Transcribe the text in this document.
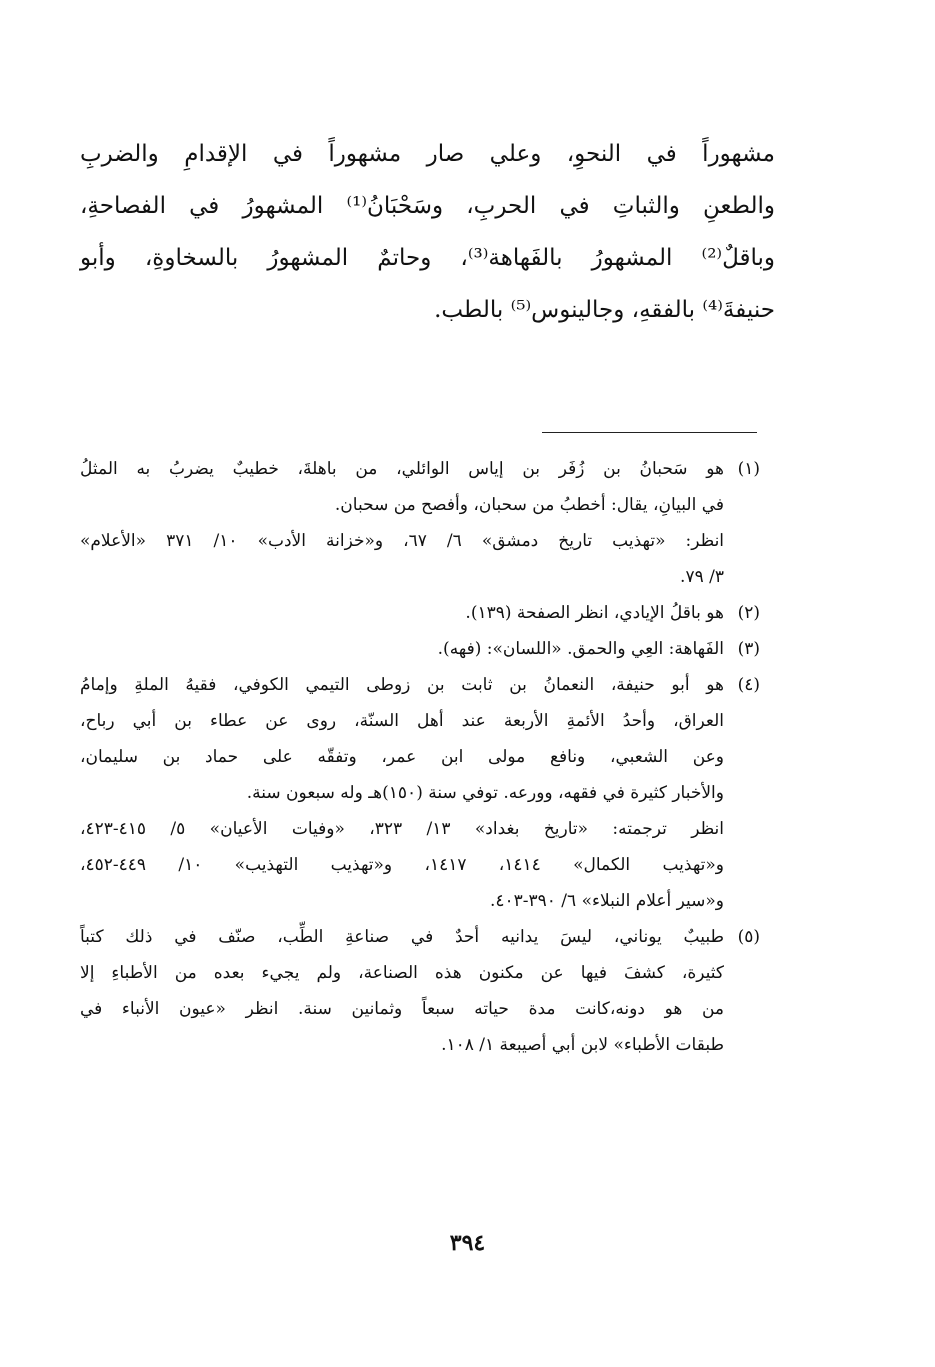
مشهوراً في النحوِ، وعلي صار مشهوراً في الإقدامِ والضربِ
والطعنِ والثباتِ في الحربِ، وسَحْبَانُ⁽¹⁾ المشهورُ في الفصاحةِ،
وباقلٌ⁽²⁾ المشهورُ بالفَهاهة⁽³⁾، وحاتمٌ المشهورُ بالسخاوةِ، وأبو
حنيفةَ⁽⁴⁾ بالفقهِ، وجالينوس⁽⁵⁾ بالطب.
(١)
هو سَحبانُ بن زُفَر بن إياس الوائلي، من باهلةَ، خطيبٌ يضربُ به المثلُ
في البيانِ، يقال: أخطبُ من سحبان، وأفصح من سحبان.
انظر: «تهذيب تاريخ دمشق» ٦/ ٦٧، و«خزانة الأدب» ١٠/ ٣٧١ «الأعلام»
٣/ ٧٩.
(٢)
هو باقلُ الإيادي، انظر الصفحة (١٣٩).
(٣)
الفَهاهة: العِي والحمق. «اللسان»: (فهه).
(٤)
هو أبو حنيفة، النعمانُ بن ثابت بن زوطى التيمي الكوفي، فقيهُ الملةِ وإمامُ
العراق، وأحدُ الأئمةِ الأربعة عند أهل السنّة، روى عن عطاء بن أبي رباح،
وعن الشعبي، ونافع مولى ابن عمر، وتفقّه على حماد بن سليمان،
والأخبار كثيرة في فقهه، وورعه. توفي سنة (١٥٠)هـ وله سبعون سنة.
انظر ترجمته: «تاريخ بغداد» ١٣/ ٣٢٣، «وفيات الأعيان» ٥/ ٤١٥-٤٢٣،
و«تهذيب الكمال» ١٤١٤، ١٤١٧، و«تهذيب التهذيب» ١٠/ ٤٤٩-٤٥٢،
و«سير أعلام النبلاء» ٦/ ٣٩٠-٤٠٣.
(٥)
طبيبٌ يوناني، ليسَ يدانيه أحدٌ في صناعةِ الطِّب، صنّف في ذلك كتباً
كثيرة، كشفَ فيها عن مكنون هذه الصناعة، ولم يجيء بعده من الأطباءِ إلا
من هو دونه،كانت مدة حياته سبعاً وثمانين سنة. انظر «عيون الأنباء في
طبقات الأطباء» لابن أبي أصيبعة ١/ ١٠٨.
٣٩٤
